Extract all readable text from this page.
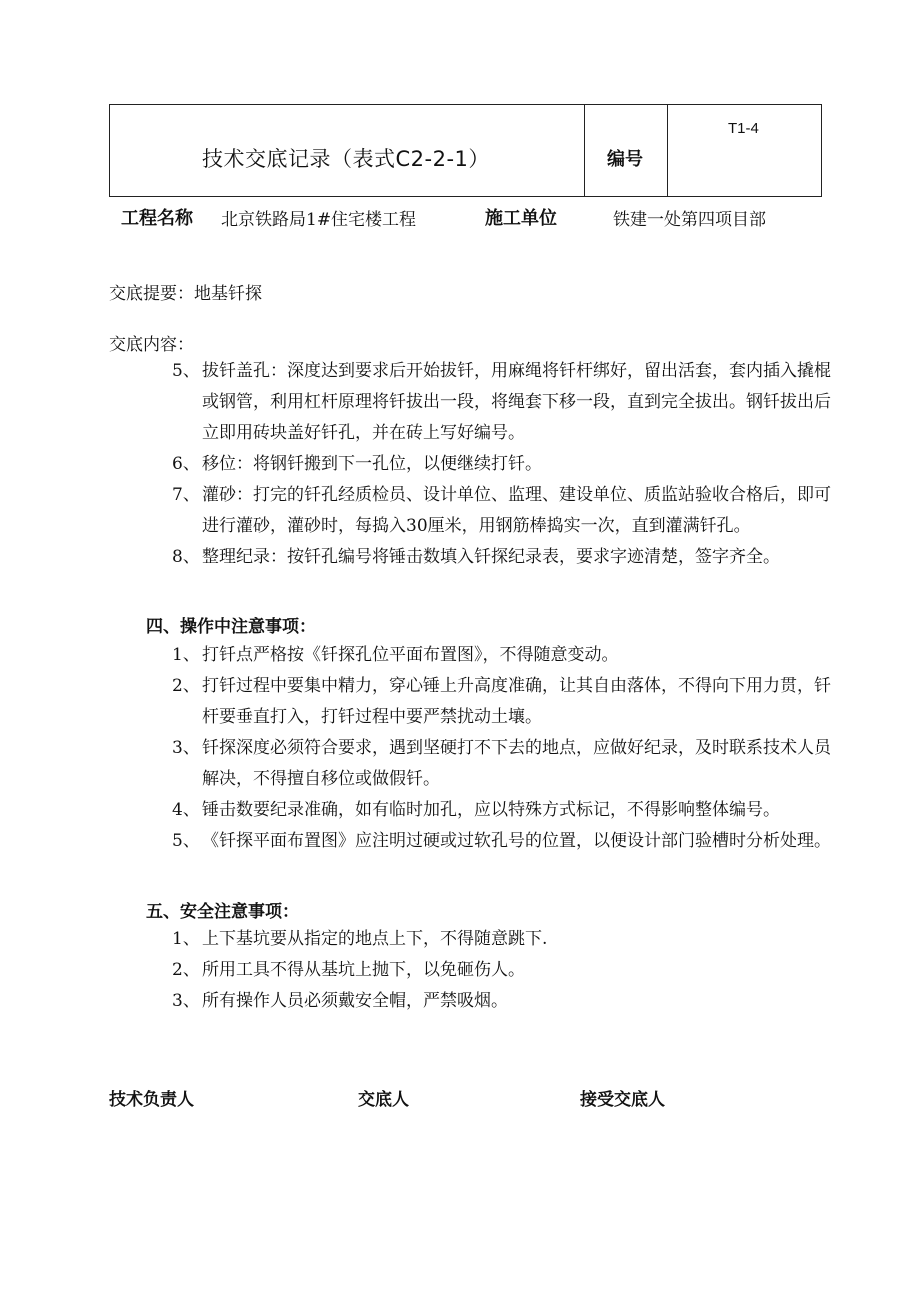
技术交底记录（表式C2-2-1）	编号
T1-4
工程名称 北京铁路局1#住宅楼工程	施工单位	铁建一处第四项目部
交底提要：地基钎探
交底内容：
5、 拔钎盖孔：深度达到要求后开始拔钎，用麻绳将钎杆绑好，留出活套，套内插入撬棍或钢管，利用杠杆原理将钎拔出一段，将绳套下移一段，直到完全拔出。钢钎拔出后立即用砖块盖好钎孔，并在砖上写好编号。
6、 移位：将钢钎搬到下一孔位，以便继续打钎。
7、 灌砂：打完的钎孔经质检员、设计单位、监理、建设单位、质监站验收合格后，即可进行灌砂，灌砂时，每捣入30厘米，用钢筋棒捣实一次，直到灌满钎孔。
8、 整理纪录：按钎孔编号将锤击数填入钎探纪录表，要求字迹清楚，签字齐全。
四、操作中注意事项：
1、 打钎点严格按《钎探孔位平面布置图》，不得随意变动。
2、 打钎过程中要集中精力，穿心锤上升高度准确，让其自由落体，不得向下用力贯，钎杆要垂直打入，打钎过程中要严禁扰动土壤。
3、 钎探深度必须符合要求，遇到坚硬打不下去的地点，应做好纪录，及时联系技术人员解决，不得擅自移位或做假钎。
4、 锤击数要纪录准确，如有临时加孔，应以特殊方式标记，不得影响整体编号。
5、 《钎探平面布置图》应注明过硬或过软孔号的位置，以便设计部门验槽时分析处理。
五、安全注意事项：
1、 上下基坑要从指定的地点上下，不得随意跳下.
2、 所用工具不得从基坑上抛下，以免砸伤人。
3、 所有操作人员必须戴安全帽，严禁吸烟。
技术负责人	交底人	接受交底人
